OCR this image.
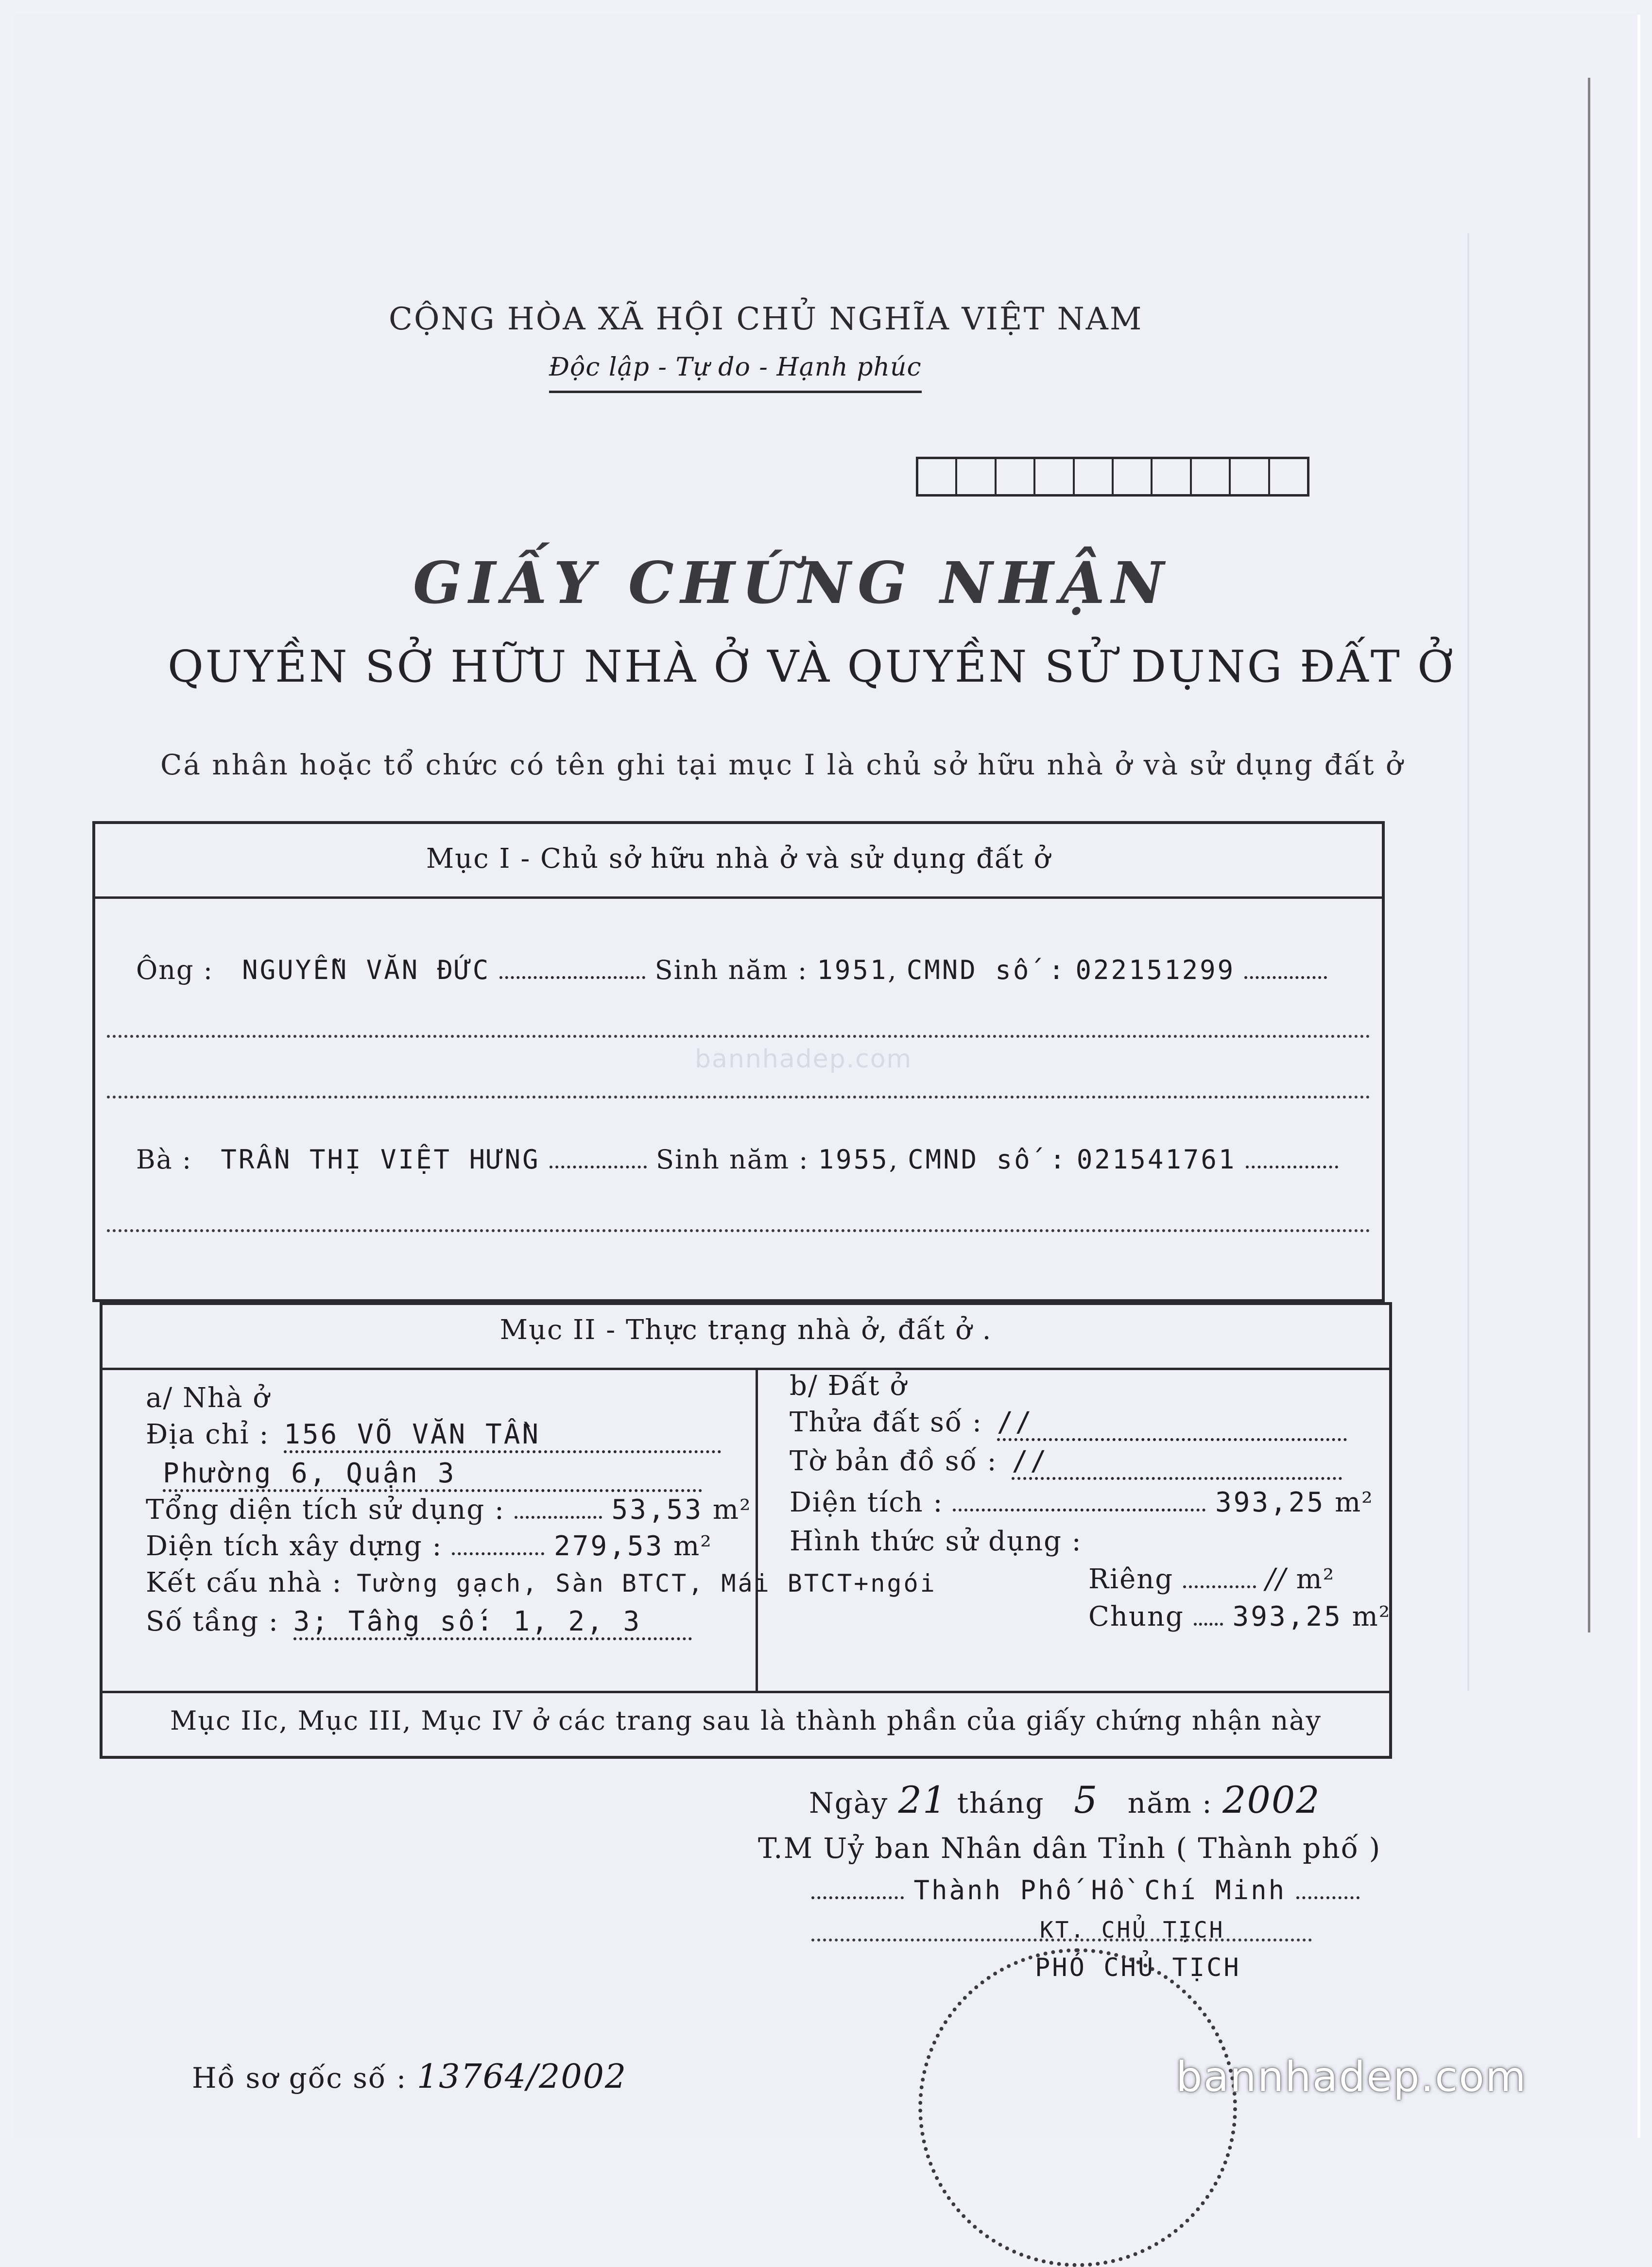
CỘNG HÒA XÃ HỘI CHỦ NGHĨA VIỆT NAM
Độc lập - Tự do - Hạnh phúc
GIẤY CHỨNG NHẬN
QUYỀN SỞ HỮU NHÀ Ở VÀ QUYỀN SỬ DỤNG ĐẤT Ở
Cá nhân hoặc tổ chức có tên ghi tại mục I là chủ sở hữu nhà ở và sử dụng đất ở
Mục I - Chủ sở hữu nhà ở và sử dụng đất ở
Ông : NGUYỄN VĂN ĐỨC	Sinh năm : 1951, CMND số : 022151299
Bà : TRẦN THỊ VIỆT HƯNG	Sinh năm : 1955, CMND số : 021541761
bannhadep.com
Mục II - Thực trạng nhà ở, đất ở .
a/ Nhà ở
Địa chỉ : 156 VÕ VĂN TẦN
Phường 6, Quận 3
Tổng diện tích sử dụng :	53,53 m²
Diện tích xây dựng :	279,53 m²
Kết cấu nhà : Tường gạch, Sàn BTCT, Mái BTCT+ngói
Số tầng : 3; Tầng số: 1, 2, 3
b/ Đất ở
Thửa đất số : //
Tờ bản đồ số : //
Diện tích :	393,25 m²
Hình thức sử dụng :
Riêng	// m²
Chung 393,25 m²
Mục IIc, Mục III, Mục IV ở các trang sau là thành phần của giấy chứng nhận này
Ngày 21 tháng 5 năm : 2002
T.M Uỷ ban Nhân dân Tỉnh ( Thành phố )
Thành Phố Hồ Chí Minh
KT. CHỦ TỊCH
PHÓ CHỦ TỊCH
Hồ sơ gốc số : 13764/2002	bannhadep.com
